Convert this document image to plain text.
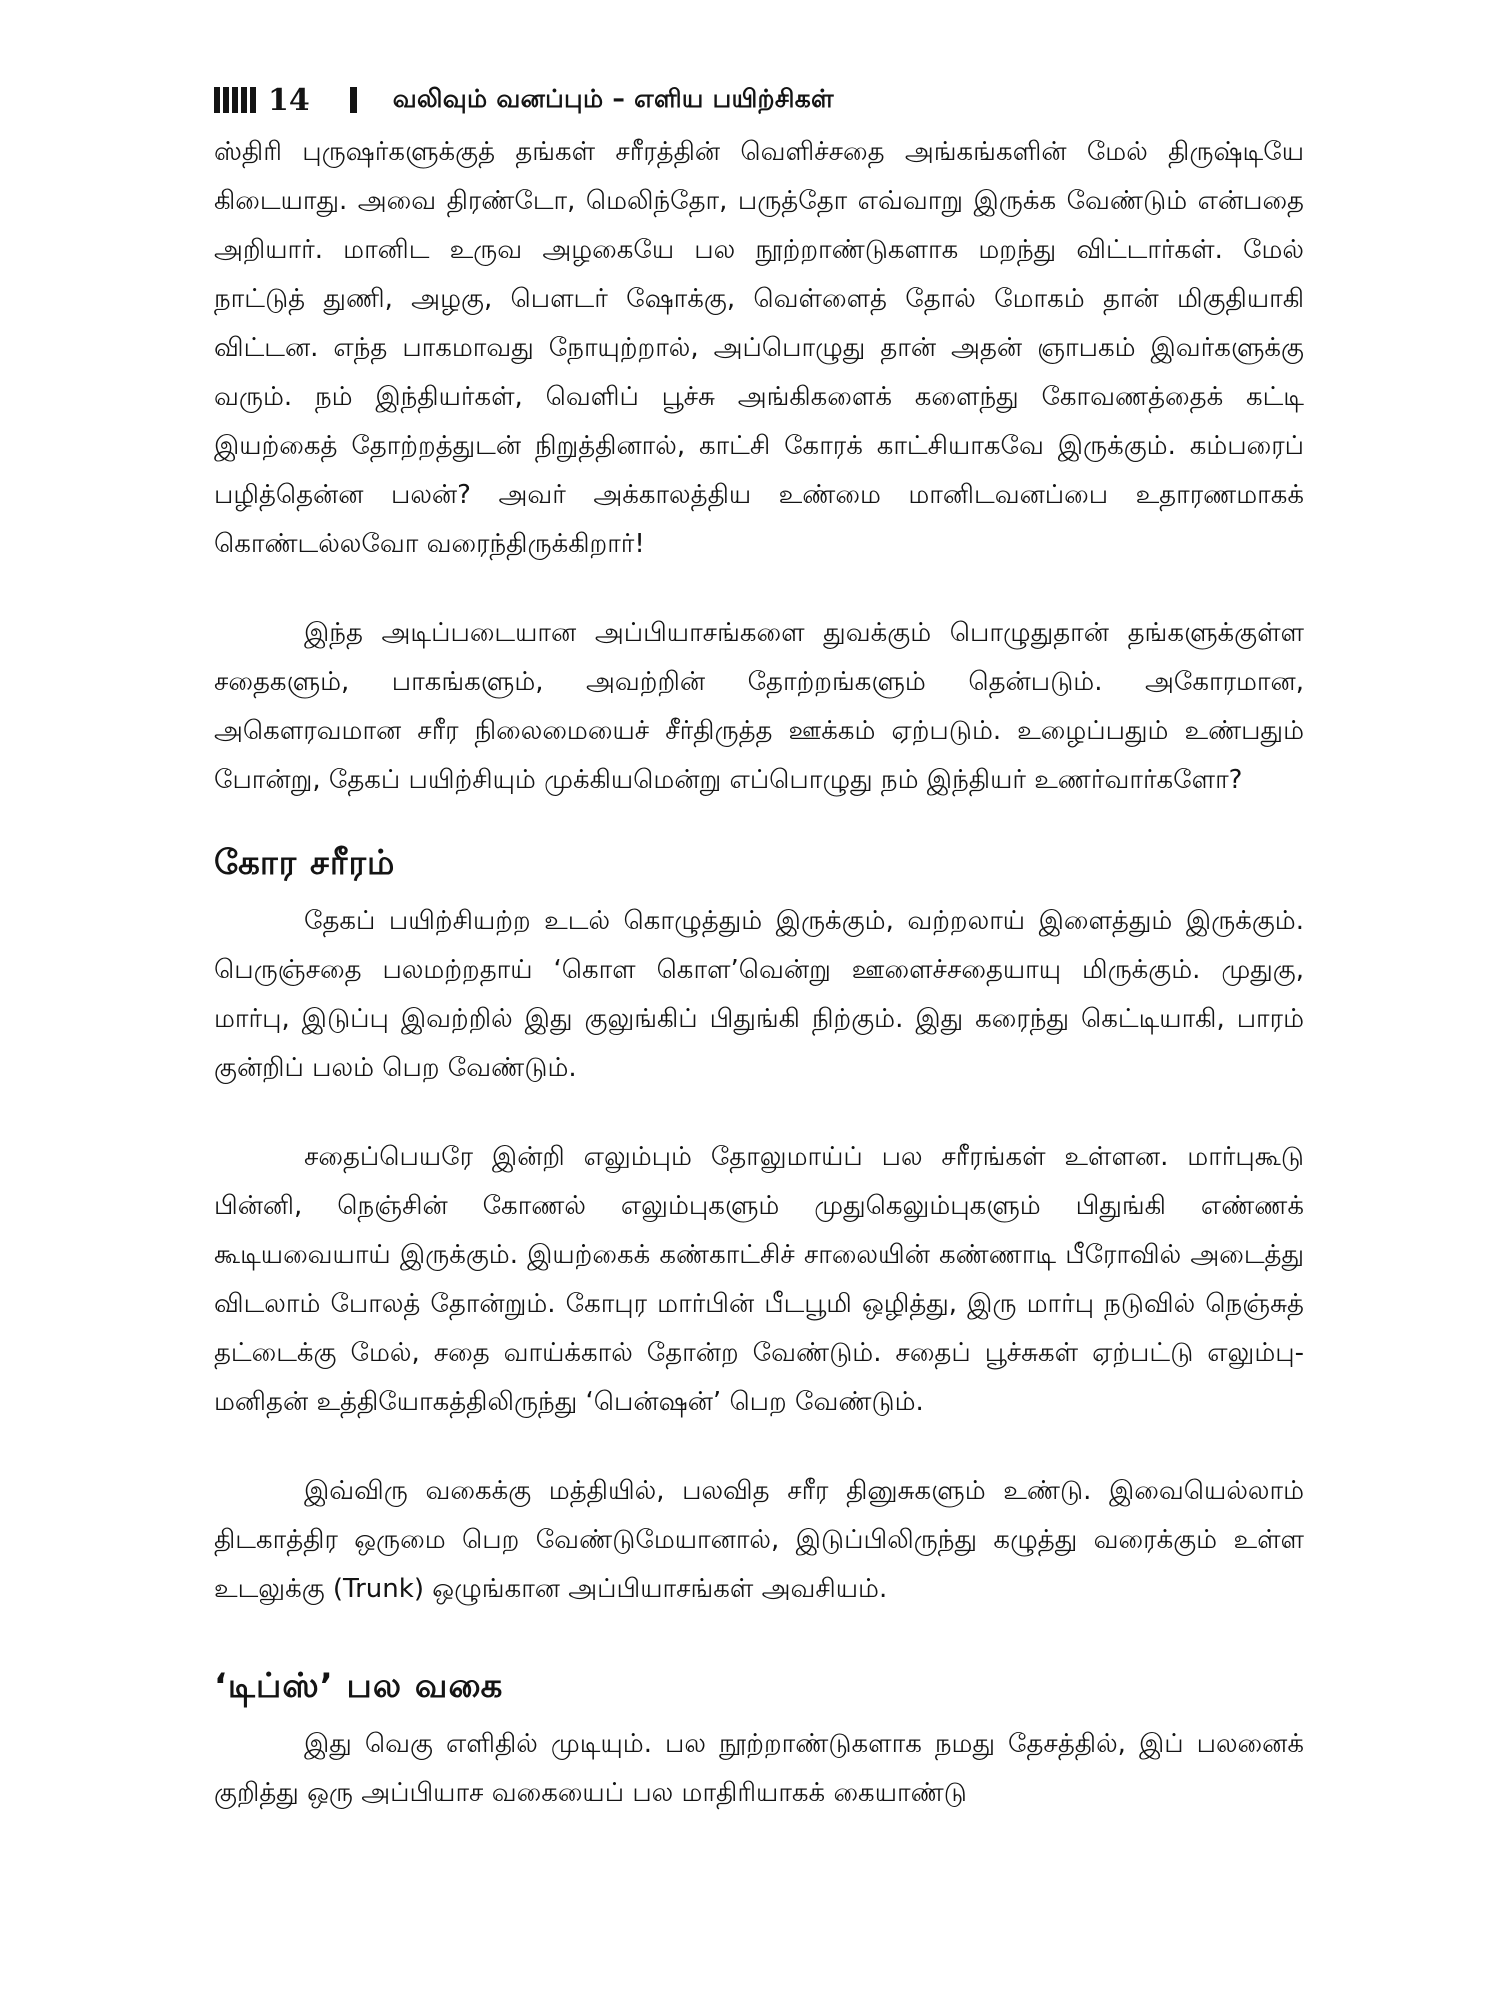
14	வலிவும் வனப்பும் – எளிய பயிற்சிகள்

ஸ்திரி புருஷர்களுக்குத் தங்கள் சரீரத்தின் வெளிச்சதை அங்கங்களின் மேல் திருஷ்டியே கிடையாது. அவை திரண்டோ, மெலிந்தோ, பருத்தோ எவ்வாறு இருக்க வேண்டும் என்பதை அறியார். மானிட உருவ அழகையே பல நூற்றாண்டுகளாக மறந்து விட்டார்கள். மேல் நாட்டுத் துணி, அழகு, பௌடர் ஷோக்கு, வெள்ளைத் தோல் மோகம் தான் மிகுதியாகி விட்டன. எந்த பாகமாவது நோயுற்றால், அப்பொழுது தான் அதன் ஞாபகம் இவர்களுக்கு வரும். நம் இந்தியர்கள், வெளிப் பூச்சு அங்கிகளைக் களைந்து கோவணத்தைக் கட்டி இயற்கைத் தோற்றத்துடன் நிறுத்தினால், காட்சி கோரக் காட்சியாகவே இருக்கும். கம்பரைப் பழித்தென்ன பலன்? அவர் அக்காலத்திய உண்மை மானிடவனப்பை உதாரணமாகக் கொண்டல்லவோ வரைந்திருக்கிறார்!

இந்த அடிப்படையான அப்பியாசங்களை துவக்கும் பொழுதுதான் தங்களுக்குள்ள சதைகளும், பாகங்களும், அவற்றின் தோற்றங்களும் தென்படும். அகோரமான, அகௌரவமான சரீர நிலைமையைச் சீர்திருத்த ஊக்கம் ஏற்படும். உழைப்பதும் உண்பதும் போன்று, தேகப் பயிற்சியும் முக்கியமென்று எப்பொழுது நம் இந்தியர் உணர்வார்களோ?

கோர சரீரம்

தேகப் பயிற்சியற்ற உடல் கொழுத்தும் இருக்கும், வற்றலாய் இளைத்தும் இருக்கும். பெருஞ்சதை பலமற்றதாய் ‘கொள கொள’வென்று ஊளைச்சதையாயு மிருக்கும். முதுகு, மார்பு, இடுப்பு இவற்றில் இது குலுங்கிப் பிதுங்கி நிற்கும். இது கரைந்து கெட்டியாகி, பாரம் குன்றிப் பலம் பெற வேண்டும்.

சதைப்பெயரே இன்றி எலும்பும் தோலுமாய்ப் பல சரீரங்கள் உள்ளன. மார்புகூடு பின்னி, நெஞ்சின் கோணல் எலும்புகளும் முதுகெலும்புகளும் பிதுங்கி எண்ணக் கூடியவையாய் இருக்கும். இயற்கைக் கண்காட்சிச் சாலையின் கண்ணாடி பீரோவில் அடைத்து விடலாம் போலத் தோன்றும். கோபுர மார்பின் பீடபூமி ஒழித்து, இரு மார்பு நடுவில் நெஞ்சுத் தட்டைக்கு மேல், சதை வாய்க்கால் தோன்ற வேண்டும். சதைப் பூச்சுகள் ஏற்பட்டு எலும்பு-மனிதன் உத்தியோகத்திலிருந்து ‘பென்ஷன்’ பெற வேண்டும்.

இவ்விரு வகைக்கு மத்தியில், பலவித சரீர தினுசுகளும் உண்டு. இவையெல்லாம் திடகாத்திர ஒருமை பெற வேண்டுமேயானால், இடுப்பிலிருந்து கழுத்து வரைக்கும் உள்ள உடலுக்கு (Trunk) ஒழுங்கான அப்பியாசங்கள் அவசியம்.

‘டிப்ஸ்’ பல வகை

இது வெகு எளிதில் முடியும். பல நூற்றாண்டுகளாக நமது தேசத்தில், இப் பலனைக் குறித்து ஒரு அப்பியாச வகையைப் பல மாதிரியாகக் கையாண்டு
